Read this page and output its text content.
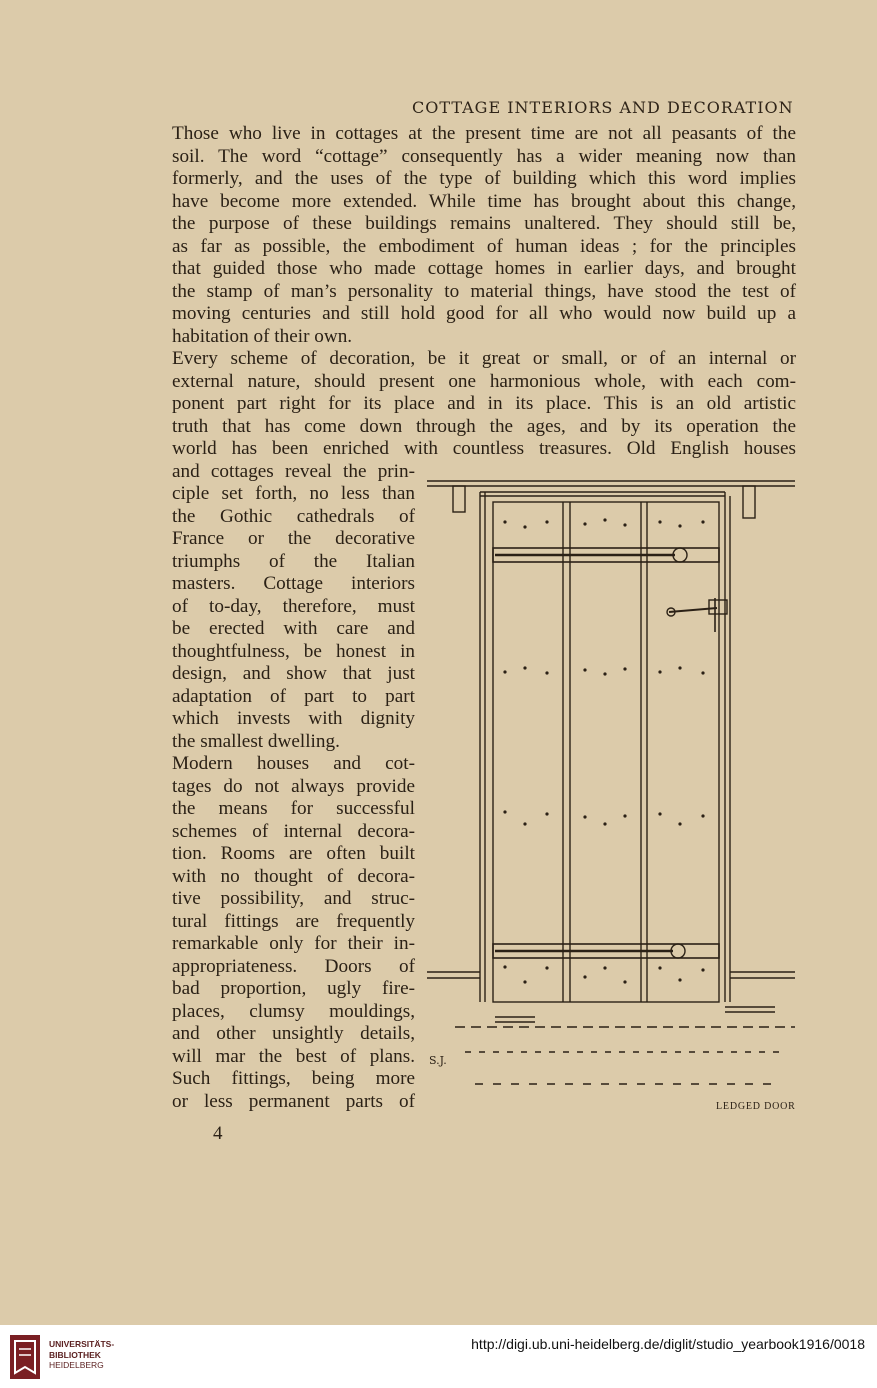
COTTAGE INTERIORS AND DECORATION
Those who live in cottages at the present time are not all peasants of the
soil. The word “cottage” consequently has a wider meaning now than
formerly, and the uses of the type of building which this word implies
have become more extended. While time has brought about this change,
the purpose of these buildings remains unaltered. They should still be,
as far as possible, the embodiment of human ideas ; for the principles
that guided those who made cottage homes in earlier days, and brought
the stamp of man’s personality to material things, have stood the test of
moving centuries and still hold good for all who would now build up a
habitation of their own.
Every scheme of decoration, be it great or small, or of an internal or
external nature, should present one harmonious whole, with each com-
ponent part right for its place and in its place. This is an old artistic
truth that has come down through the ages, and by its operation the
world has been enriched with countless treasures. Old English houses
and cottages reveal the prin-
ciple set forth, no less than
the Gothic cathedrals of
France or the decorative
triumphs of the Italian
masters. Cottage interiors
of to-day, therefore, must
be erected with care and
thoughtfulness, be honest in
design, and show that just
adaptation of part to part
which invests with dignity
the smallest dwelling.
Modern houses and cot-
tages do not always provide
the means for successful
schemes of internal decora-
tion. Rooms are often built
with no thought of decora-
tive possibility, and struc-
tural fittings are frequently
remarkable only for their in-
appropriateness. Doors of
bad proportion, ugly fire-
places, clumsy mouldings,
and other unsightly details,
will mar the best of plans.
Such fittings, being more
or less permanent parts of
S.J.
LEDGED DOOR
4
UNIVERSITÄTS-
BIBLIOTHEK
HEIDELBERG
http://digi.ub.uni-heidelberg.de/diglit/studio_yearbook1916/0018
